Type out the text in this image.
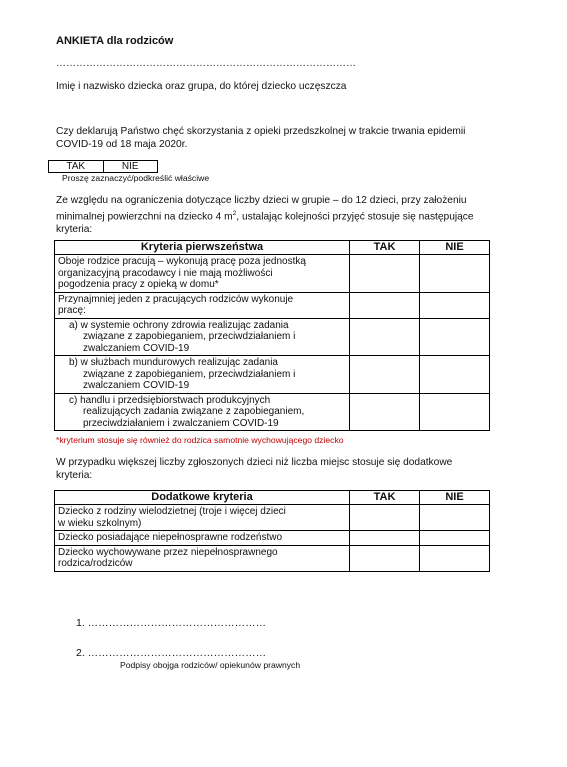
ANKIETA dla rodziców
………………………………………………………………………………
Imię i nazwisko dziecka oraz grupa, do której dziecko uczęszcza
Czy deklarują Państwo chęć skorzystania z opieki przedszkolnej w trakcie trwania epidemii
COVID-19 od 18 maja 2020r.
TAK	NIE
Proszę zaznaczyć/podkreślić właściwe
Ze względu na ograniczenia dotyczące liczby dzieci w grupie – do 12 dzieci, przy założeniu
minimalnej powierzchni na dziecko 4 $m^2$, ustalając kolejności przyjęć stosuje się następujące
kryteria:
Kryteria pierwszeństwa	TAK	NIE

Oboje rodzice pracują – wykonują pracę poza jednostką
organizacyjną pracodawcy i nie mają możliwości
pogodzenia pracy z opieką w domu*		

Przynajmniej jeden z pracujących rodziców wykonuje
pracę:		

a) w systemie ochrony zdrowia realizując zadania
związane z zapobieganiem, przeciwdziałaniem i
zwalczaniem COVID-19		

b) w służbach mundurowych realizując zadania
związane z zapobieganiem, przeciwdziałaniem i
zwalczaniem COVID-19		

c) handlu i przedsiębiorstwach produkcyjnych
realizujących zadania związane z zapobieganiem,
przeciwdziałaniem i zwalczaniem COVID-19		

*kryterium stosuje się również do rodzica samotnie wychowującego dziecko
W przypadku większej liczby zgłoszonych dzieci niż liczba miejsc stosuje się dodatkowe
kryteria:
Dodatkowe kryteria	TAK	NIE

Dziecko z rodziny wielodzietnej (troje i więcej dzieci
w wieku szkolnym)		

Dziecko posiadające niepełnosprawne rodzeństwo		

Dziecko wychowywane przez niepełnosprawnego
rodzica/rodziców		

1. ……………………………………………
2. ……………………………………………
Podpisy obojga rodziców/ opiekunów prawnych
